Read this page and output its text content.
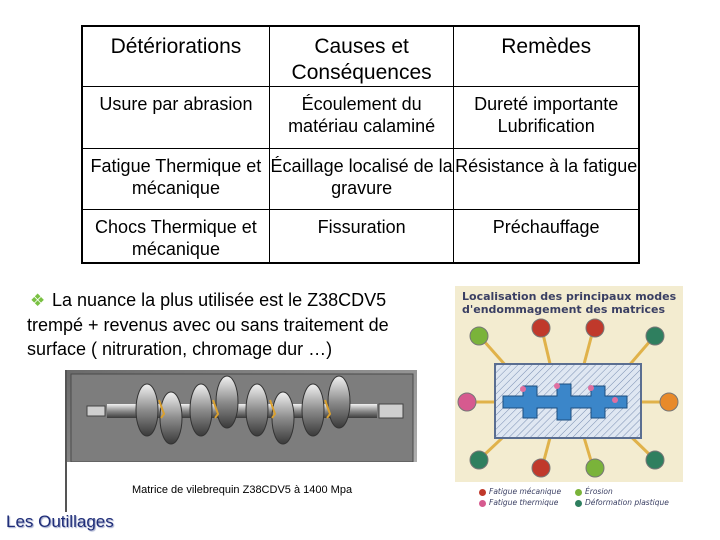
Détériorations	Causes et Conséquences	Remèdes
Usure par abrasion	Écoulement du matériau calaminé	Dureté importante Lubrification
Fatigue Thermique et mécanique	Écaillage localisé de la gravure	Résistance à la fatigue
Chocs Thermique et mécanique	Fissuration	Préchauffage
❖ La nuance la plus utilisée est le Z38CDV5 trempé + revenus avec ou sans traitement de surface ( nitruration, chromage dur …)
Matrice de vilebrequin Z38CDV5 à 1400 Mpa
Localisation des principaux modes d'endommagement des matrices
Fatigue mécanique	Érosion
Fatigue thermique	Déformation plastique
Les Outillages
